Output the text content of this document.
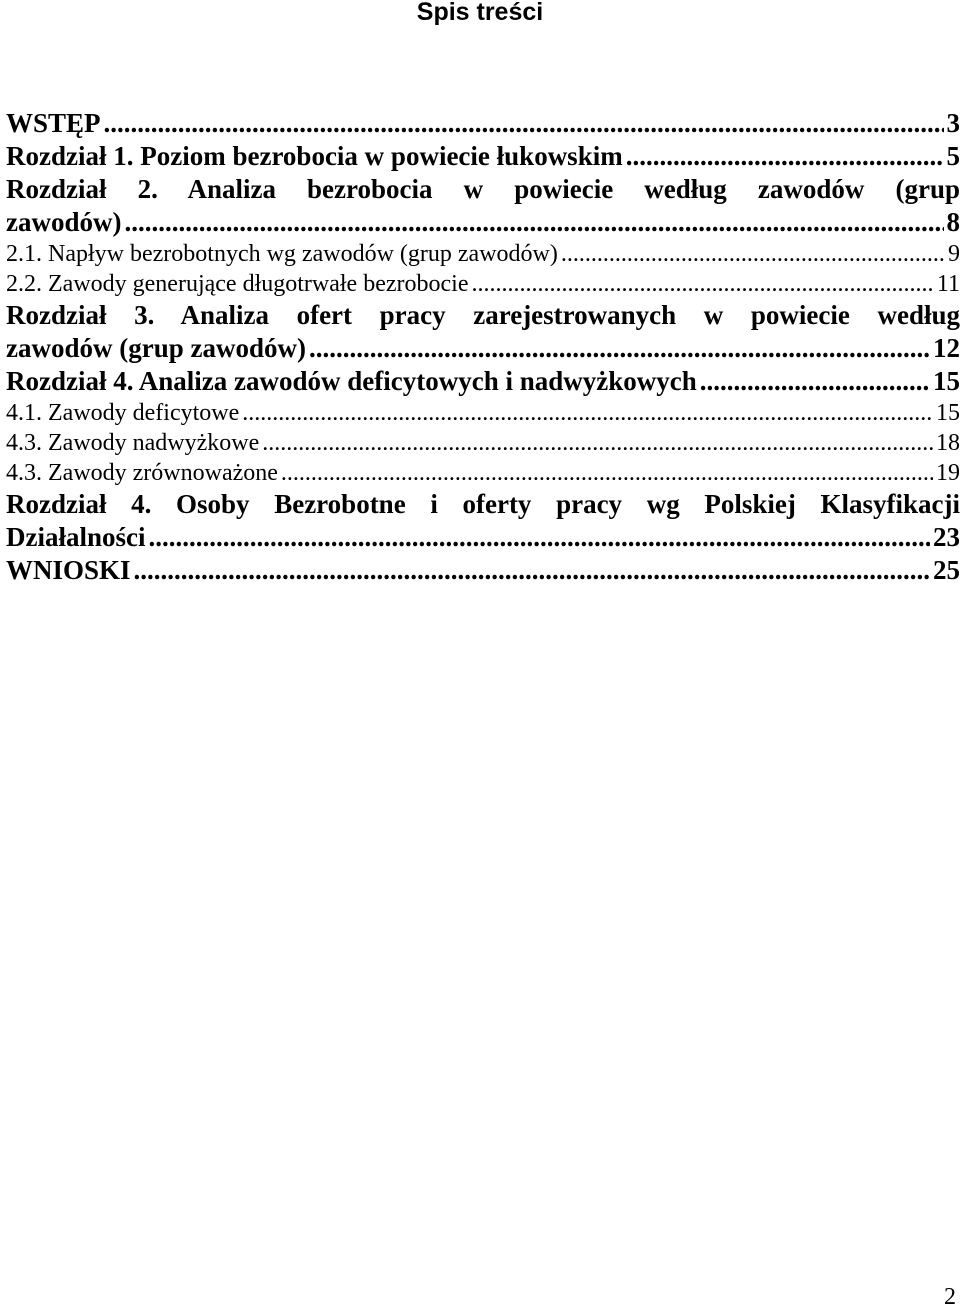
Spis treści
WSTĘP .....	3
Rozdział 1. Poziom bezrobocia w powiecie łukowskim .....	5
Rozdział 2. Analiza bezrobocia w powiecie według zawodów (grup
zawodów) .....	8
2.1. Napływ bezrobotnych wg zawodów (grup zawodów) .....	9
2.2. Zawody generujące długotrwałe bezrobocie .....	11
Rozdział 3. Analiza ofert pracy zarejestrowanych w powiecie według
zawodów (grup zawodów) .....	12
Rozdział 4. Analiza zawodów deficytowych i nadwyżkowych .....	15
4.1. Zawody deficytowe .....	15
4.3. Zawody nadwyżkowe .....	18
4.3. Zawody zrównoważone .....	19
Rozdział 4. Osoby Bezrobotne i oferty pracy wg Polskiej Klasyfikacji
Działalności .....	23
WNIOSKI .....	25
2
